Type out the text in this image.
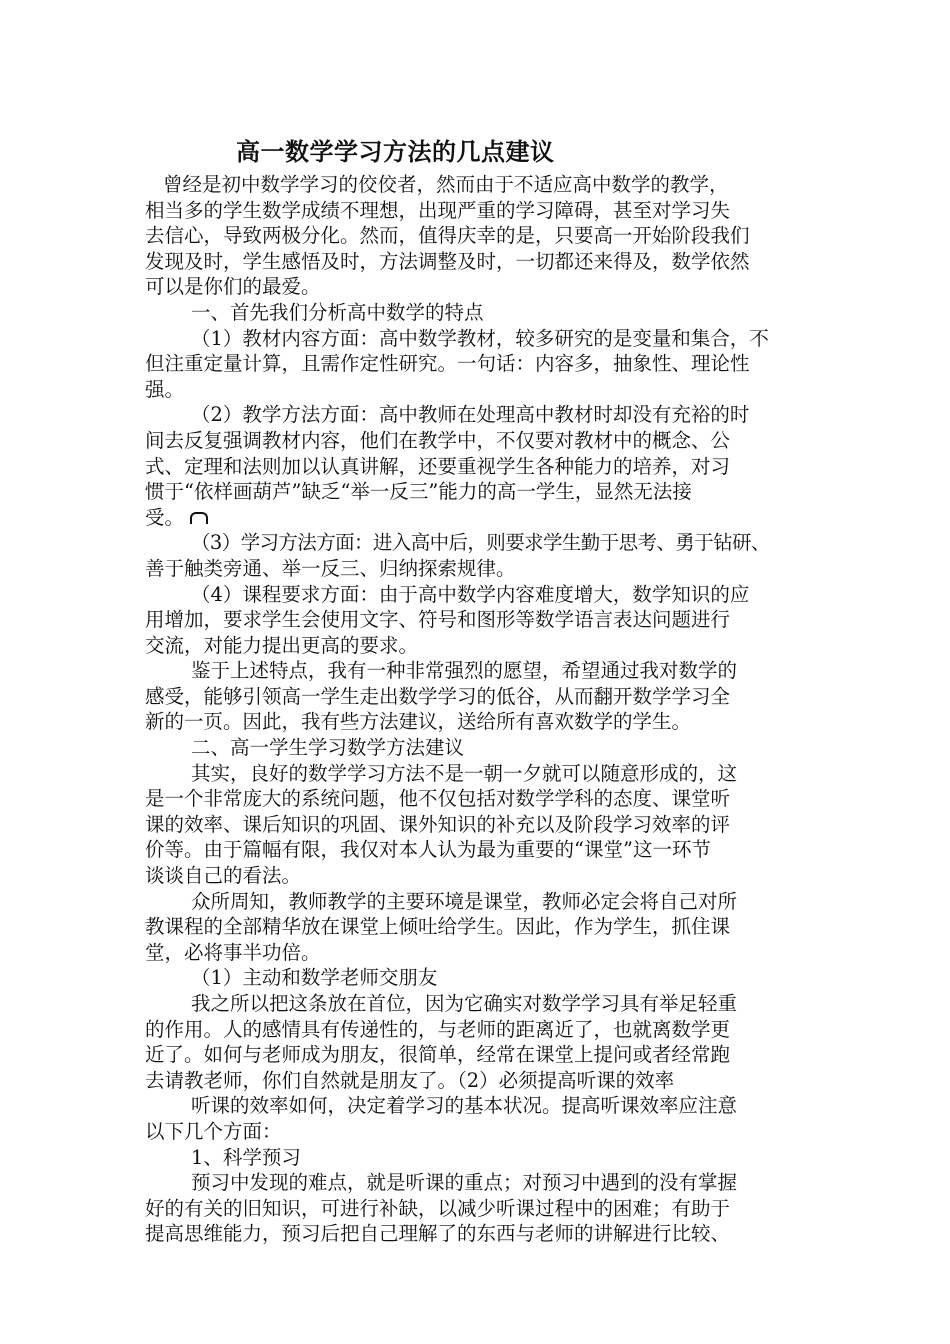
高一数学学习方法的几点建议
曾经是初中数学学习的佼佼者，然而由于不适应高中数学的教学，
相当多的学生数学成绩不理想，出现严重的学习障碍，甚至对学习失
去信心，导致两极分化。然而，值得庆幸的是，只要高一开始阶段我们
发现及时，学生感悟及时，方法调整及时，一切都还来得及，数学依然
可以是你们的最爱。
一、首先我们分析高中数学的特点
（1）教材内容方面：高中数学教材，较多研究的是变量和集合，不
但注重定量计算，且需作定性研究。一句话：内容多，抽象性、理论性
强。
（2）教学方法方面：高中教师在处理高中教材时却没有充裕的时
间去反复强调教材内容，他们在教学中，不仅要对教材中的概念、公
式、定理和法则加以认真讲解，还要重视学生各种能力的培养，对习
惯于“依样画葫芦”缺乏“举一反三”能力的高一学生，显然无法接
受。
（3）学习方法方面：进入高中后，则要求学生勤于思考、勇于钻研、
善于触类旁通、举一反三、归纳探索规律。
（4）课程要求方面：由于高中数学内容难度增大，数学知识的应
用增加，要求学生会使用文字、符号和图形等数学语言表达问题进行
交流，对能力提出更高的要求。
鉴于上述特点，我有一种非常强烈的愿望，希望通过我对数学的
感受，能够引领高一学生走出数学学习的低谷，从而翻开数学学习全
新的一页。因此，我有些方法建议，送给所有喜欢数学的学生。
二、高一学生学习数学方法建议
其实，良好的数学学习方法不是一朝一夕就可以随意形成的，这
是一个非常庞大的系统问题，他不仅包括对数学学科的态度、课堂听
课的效率、课后知识的巩固、课外知识的补充以及阶段学习效率的评
价等。由于篇幅有限，我仅对本人认为最为重要的“课堂”这一环节
谈谈自己的看法。
众所周知，教师教学的主要环境是课堂，教师必定会将自己对所
教课程的全部精华放在课堂上倾吐给学生。因此，作为学生，抓住课
堂，必将事半功倍。
（1）主动和数学老师交朋友
我之所以把这条放在首位，因为它确实对数学学习具有举足轻重
的作用。人的感情具有传递性的，与老师的距离近了，也就离数学更
近了。如何与老师成为朋友，很简单，经常在课堂上提问或者经常跑
去请教老师，你们自然就是朋友了。（2）必须提高听课的效率
听课的效率如何，决定着学习的基本状况。提高听课效率应注意
以下几个方面：
1、科学预习
预习中发现的难点，就是听课的重点；对预习中遇到的没有掌握
好的有关的旧知识，可进行补缺，以减少听课过程中的困难；有助于
提高思维能力，预习后把自己理解了的东西与老师的讲解进行比较、
